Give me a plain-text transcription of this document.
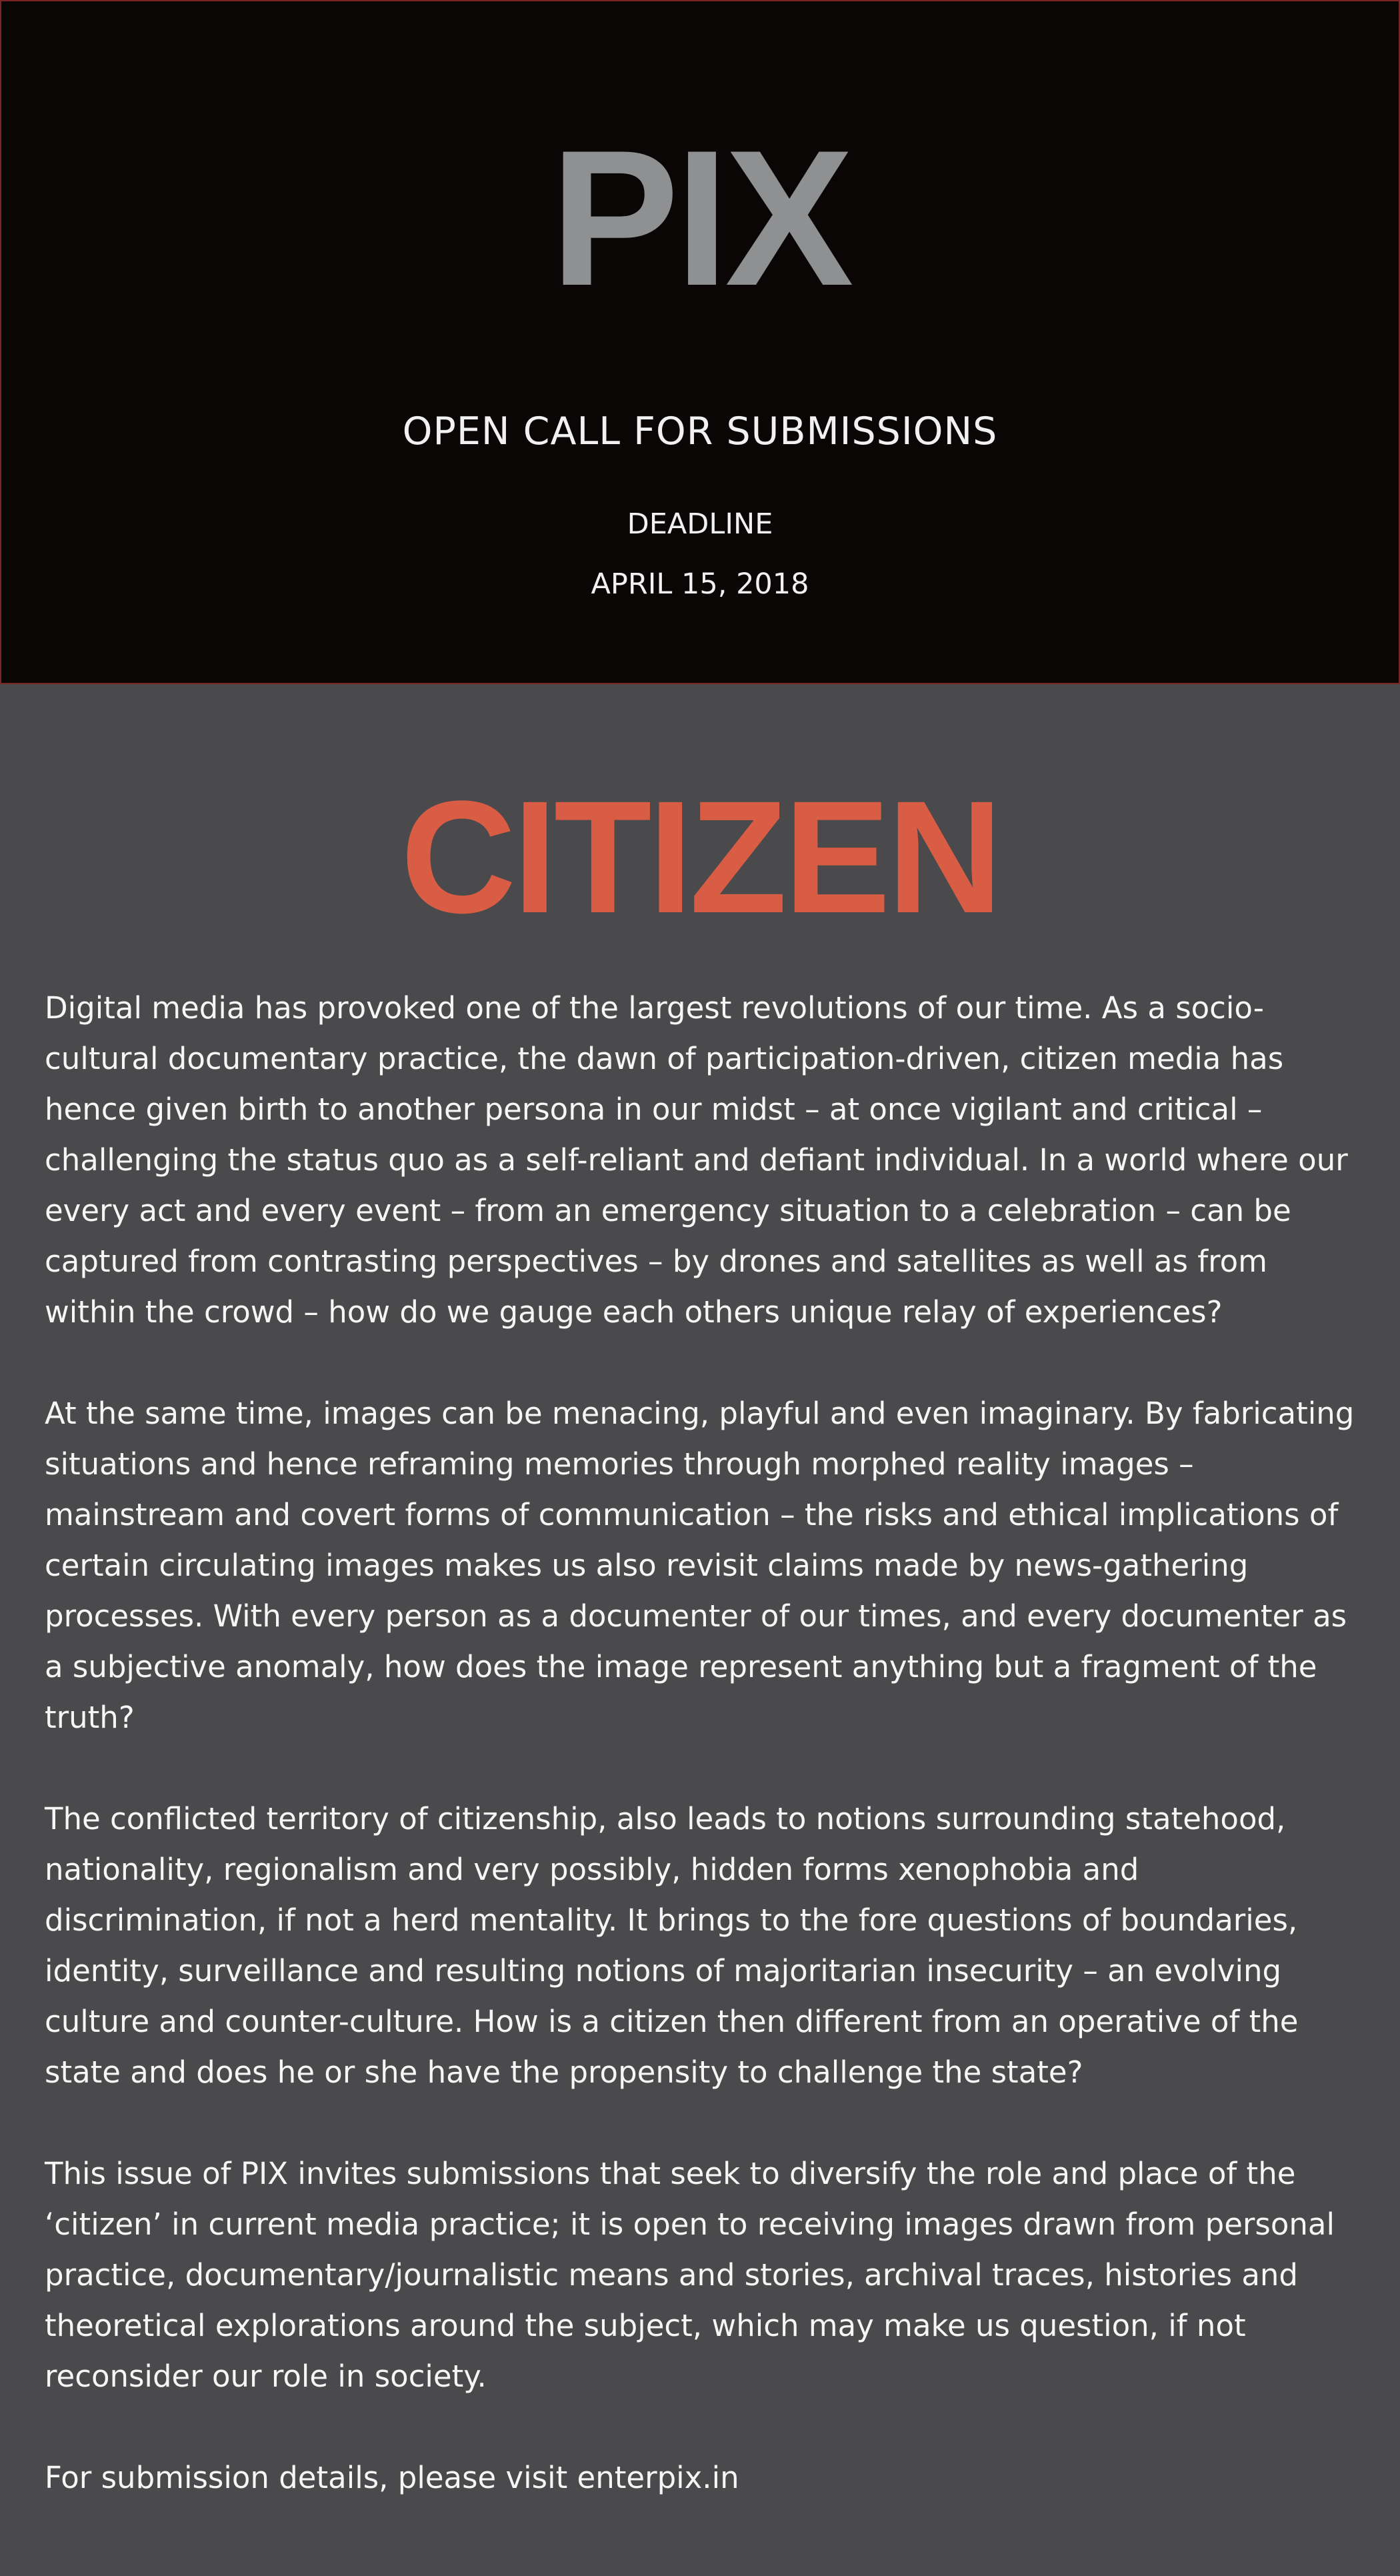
PIX
OPEN CALL FOR SUBMISSIONS
DEADLINE
APRIL 15, 2018
CITIZEN

Digital media has provoked one of the largest revolutions of our time. As a socio-cultural documentary practice, the dawn of participation-driven, citizen media has hence given birth to another persona in our midst – at once vigilant and critical – challenging the status quo as a self-reliant and defiant individual. In a world where our every act and every event – from an emergency situation to a celebration – can be captured from contrasting perspectives – by drones and satellites as well as from within the crowd – how do we gauge each others unique relay of experiences?

At the same time, images can be menacing, playful and even imaginary. By fabricating situations and hence reframing memories through morphed reality images – mainstream and covert forms of communication – the risks and ethical implications of certain circulating images makes us also revisit claims made by news-gathering processes. With every person as a documenter of our times, and every documenter as a subjective anomaly, how does the image represent anything but a fragment of the truth?

The conflicted territory of citizenship, also leads to notions surrounding statehood, nationality, regionalism and very possibly, hidden forms xenophobia and discrimination, if not a herd mentality. It brings to the fore questions of boundaries, identity, surveillance and resulting notions of majoritarian insecurity – an evolving culture and counter-culture. How is a citizen then different from an operative of the state and does he or she have the propensity to challenge the state?

This issue of PIX invites submissions that seek to diversify the role and place of the ‘citizen’ in current media practice; it is open to receiving images drawn from personal practice, documentary/journalistic means and stories, archival traces, histories and theoretical explorations around the subject, which may make us question, if not reconsider our role in society.

For submission details, please visit enterpix.in
